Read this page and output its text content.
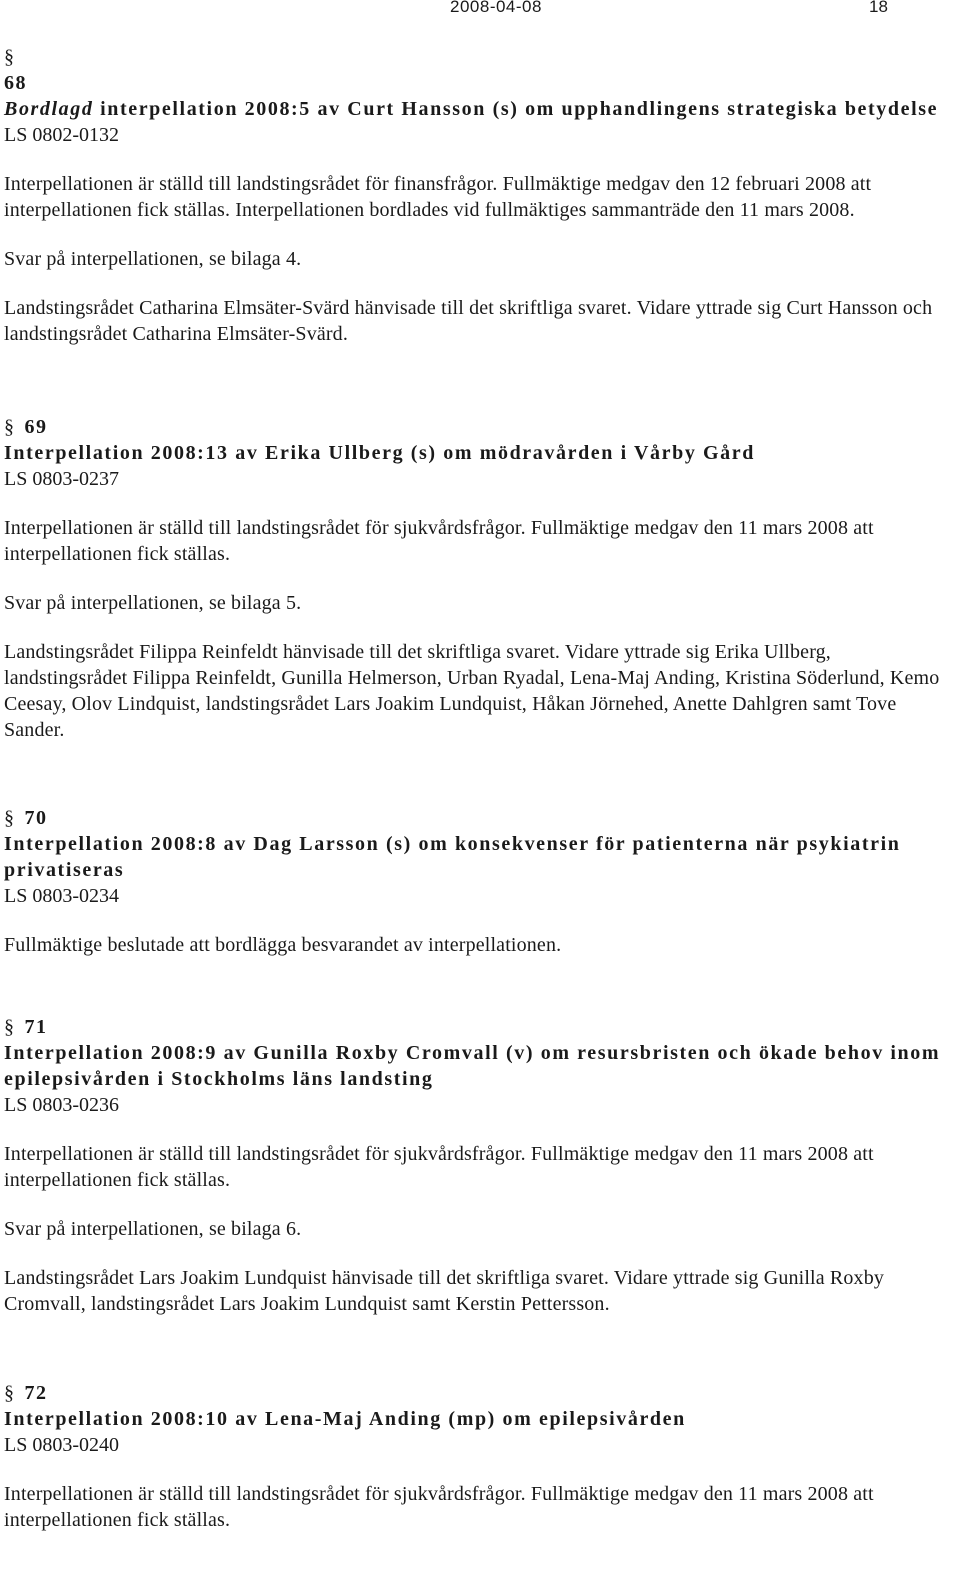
2008-04-08	18
§
68
Bordlagd interpellation 2008:5 av Curt Hansson (s) om upphandlingens strategiska betydelse
LS 0802-0132

Interpellationen är ställd till landstingsrådet för finansfrågor. Fullmäktige medgav den 12 februari 2008 att interpellationen fick ställas. Interpellationen bordlades vid fullmäktiges sammanträde den 11 mars 2008.

Svar på interpellationen, se bilaga 4.

Landstingsrådet Catharina Elmsäter-Svärd hänvisade till det skriftliga svaret. Vidare yttrade sig Curt Hansson och landstingsrådet Catharina Elmsäter-Svärd.

§ 69
Interpellation 2008:13 av Erika Ullberg (s) om mödravården i Vårby Gård
LS 0803-0237

Interpellationen är ställd till landstingsrådet för sjukvårdsfrågor. Fullmäktige medgav den 11 mars 2008 att interpellationen fick ställas.

Svar på interpellationen, se bilaga 5.

Landstingsrådet Filippa Reinfeldt hänvisade till det skriftliga svaret. Vidare yttrade sig Erika Ullberg, landstingsrådet Filippa Reinfeldt, Gunilla Helmerson, Urban Ryadal, Lena-Maj Anding, Kristina Söderlund, Kemo Ceesay, Olov Lindquist, landstingsrådet Lars Joakim Lundquist, Håkan Jörnehed, Anette Dahlgren samt Tove Sander.

§ 70
Interpellation 2008:8 av Dag Larsson (s) om konsekvenser för patienterna när psykiatrin privatiseras
LS 0803-0234

Fullmäktige beslutade att bordlägga besvarandet av interpellationen.

§ 71
Interpellation 2008:9 av Gunilla Roxby Cromvall (v) om resursbristen och ökade behov inom epilepsivården i Stockholms läns landsting
LS 0803-0236

Interpellationen är ställd till landstingsrådet för sjukvårdsfrågor. Fullmäktige medgav den 11 mars 2008 att interpellationen fick ställas.

Svar på interpellationen, se bilaga 6.

Landstingsrådet Lars Joakim Lundquist hänvisade till det skriftliga svaret. Vidare yttrade sig Gunilla Roxby Cromvall, landstingsrådet Lars Joakim Lundquist samt Kerstin Pettersson.

§ 72
Interpellation 2008:10 av Lena-Maj Anding (mp) om epilepsivården
LS 0803-0240

Interpellationen är ställd till landstingsrådet för sjukvårdsfrågor. Fullmäktige medgav den 11 mars 2008 att interpellationen fick ställas.
